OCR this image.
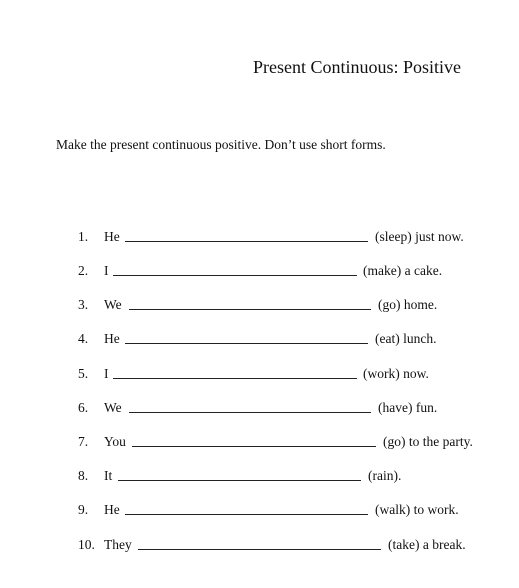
Present Continuous: Positive
Make the present continuous positive. Don’t use short forms.
1.	He	(sleep) just now.
2.	I	(make) a cake.
3.	We	(go) home.
4.	He	(eat) lunch.
5.	I	(work) now.
6.	We	(have) fun.
7.	You	(go) to the party.
8.	It	(rain).
9.	He	(walk) to work.
10. They	(take) a break.
